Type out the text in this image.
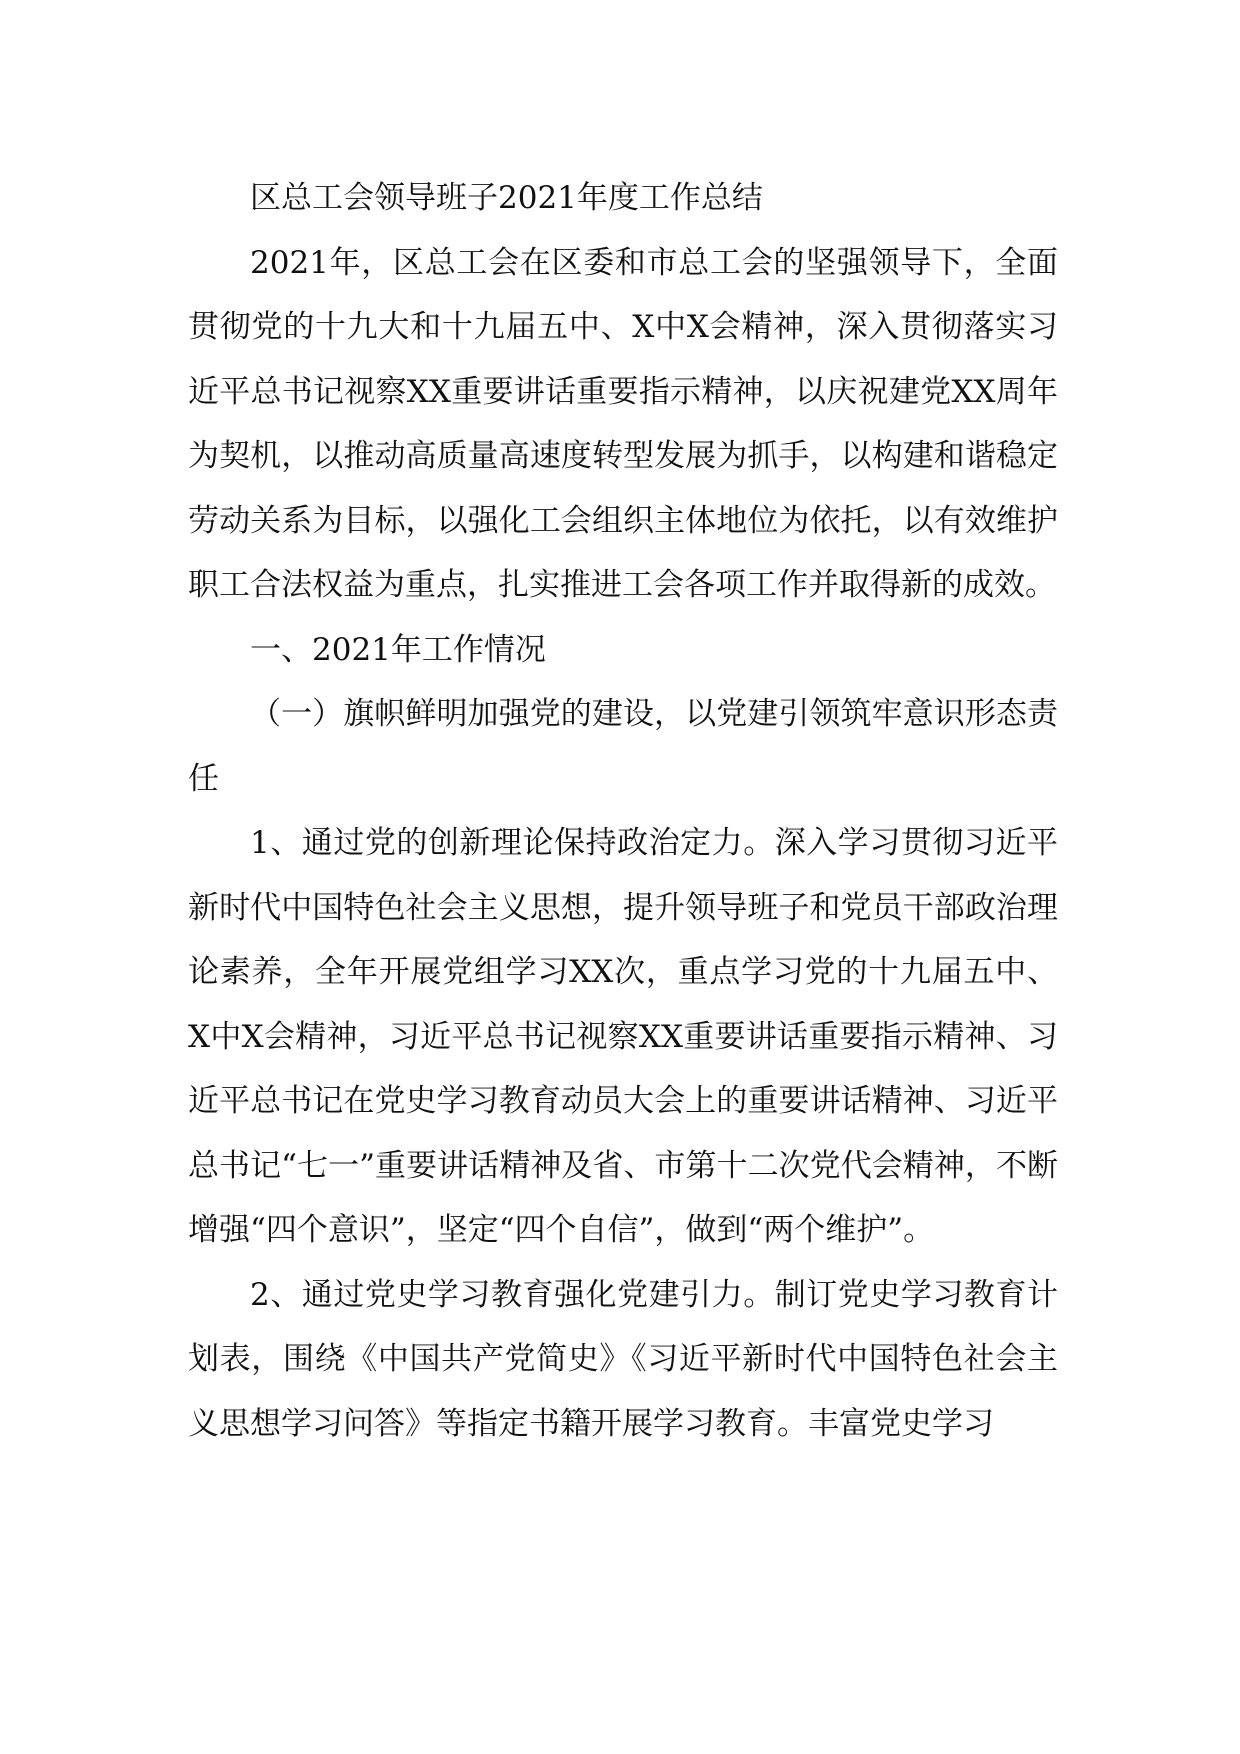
区总工会领导班子2021年度工作总结

2021年，区总工会在区委和市总工会的坚强领导下，全面贯彻党的十九大和十九届五中、X中X会精神，深入贯彻落实习近平总书记视察XX重要讲话重要指示精神，以庆祝建党XX周年为契机，以推动高质量高速度转型发展为抓手，以构建和谐稳定劳动关系为目标，以强化工会组织主体地位为依托，以有效维护职工合法权益为重点，扎实推进工会各项工作并取得新的成效。

一、2021年工作情况

（一）旗帜鲜明加强党的建设，以党建引领筑牢意识形态责任

1、通过党的创新理论保持政治定力。深入学习贯彻习近平新时代中国特色社会主义思想，提升领导班子和党员干部政治理论素养，全年开展党组学习XX次，重点学习党的十九届五中、X中X会精神，习近平总书记视察XX重要讲话重要指示精神、习近平总书记在党史学习教育动员大会上的重要讲话精神、习近平总书记“七一”重要讲话精神及省、市第十二次党代会精神，不断增强“四个意识”，坚定“四个自信”，做到“两个维护”。

2、通过党史学习教育强化党建引力。制订党史学习教育计划表，围绕《中国共产党简史》《习近平新时代中国特色社会主义思想学习问答》等指定书籍开展学习教育。丰富党史学习
